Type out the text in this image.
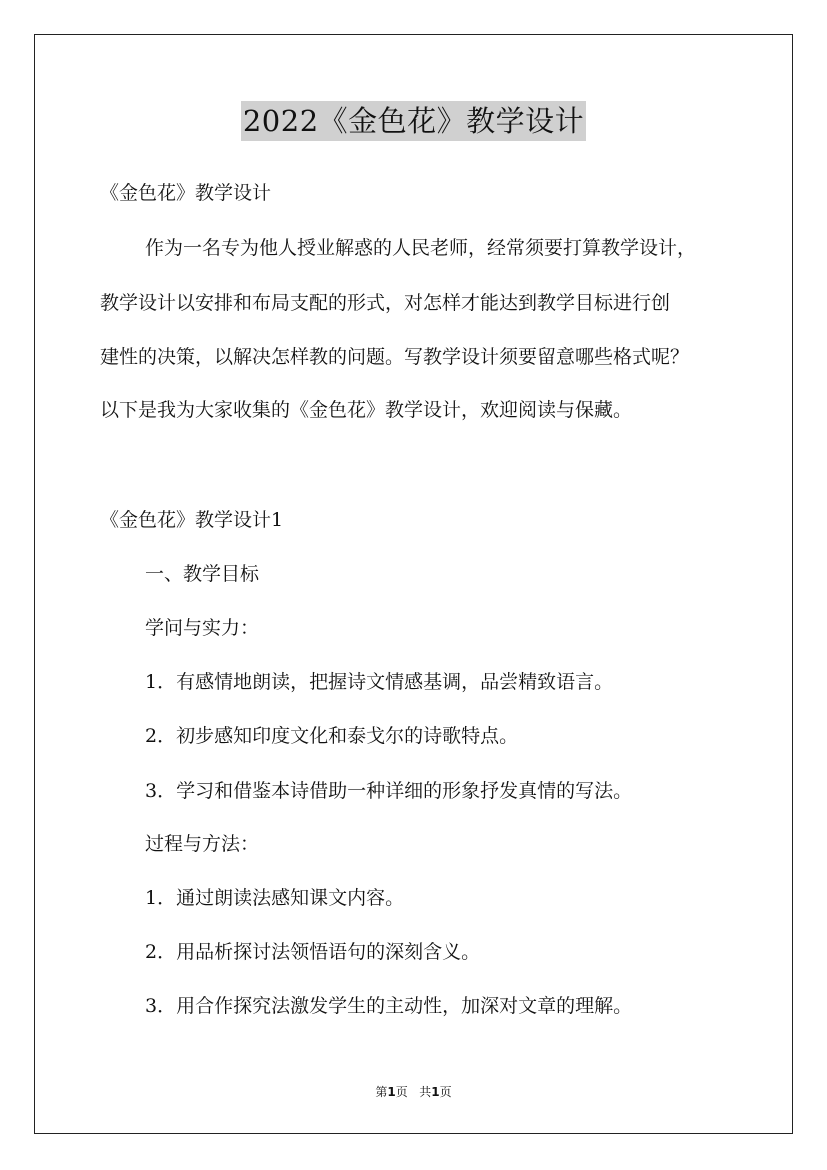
2022《金色花》教学设计
《金色花》教学设计
作为一名专为他人授业解惑的人民老师，经常须要打算教学设计，
教学设计以安排和布局支配的形式，对怎样才能达到教学目标进行创
建性的决策，以解决怎样教的问题。写教学设计须要留意哪些格式呢？
以下是我为大家收集的《金色花》教学设计，欢迎阅读与保藏。
《金色花》教学设计1
一、教学目标
学问与实力：
1．有感情地朗读，把握诗文情感基调，品尝精致语言。
2．初步感知印度文化和泰戈尔的诗歌特点。
3．学习和借鉴本诗借助一种详细的形象抒发真情的写法。
过程与方法：
1．通过朗读法感知课文内容。
2．用品析探讨法领悟语句的深刻含义。
3．用合作探究法激发学生的主动性，加深对文章的理解。
第1页 共1页
